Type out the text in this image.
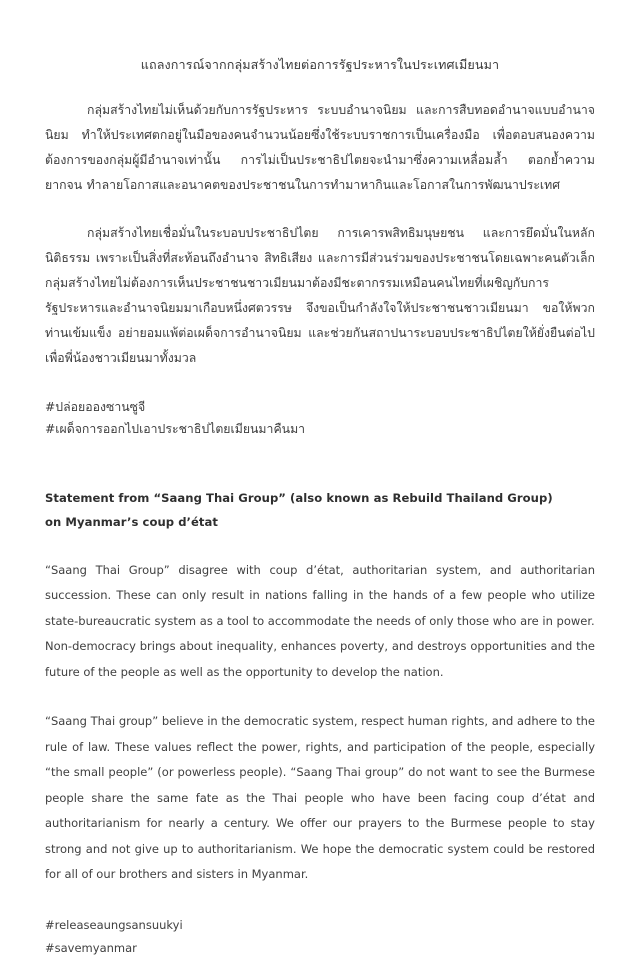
แถลงการณ์จากกลุ่มสร้างไทยต่อการรัฐประหารในประเทศเมียนมา

กลุ่มสร้างไทยไม่เห็นด้วยกับการรัฐประหาร ระบบอำนาจนิยม และการสืบทอดอำนาจแบบอำนาจนิยม ทำให้ประเทศตกอยู่ในมือของคนจำนวนน้อยซึ่งใช้ระบบราชการเป็นเครื่องมือ เพื่อตอบสนองความต้องการของกลุ่มผู้มีอำนาจเท่านั้น การไม่เป็นประชาธิปไตยจะนำมาซึ่งความเหลื่อมล้ำ ตอกย้ำความยากจน ทำลายโอกาสและอนาคตของประชาชนในการทำมาหากินและโอกาสในการพัฒนาประเทศ

กลุ่มสร้างไทยเชื่อมั่นในระบอบประชาธิปไตย การเคารพสิทธิมนุษยชน และการยึดมั่นในหลักนิติธรรม เพราะเป็นสิ่งที่สะท้อนถึงอำนาจ สิทธิเสียง และการมีส่วนร่วมของประชาชนโดยเฉพาะคนตัวเล็ก กลุ่มสร้างไทยไม่ต้องการเห็นประชาชนชาวเมียนมาต้องมีชะตากรรมเหมือนคนไทยที่เผชิญกับการรัฐประหารและอำนาจนิยมมาเกือบหนึ่งศตวรรษ จึงขอเป็นกำลังใจให้ประชาชนชาวเมียนมา ขอให้พวกท่านเข้มแข็ง อย่ายอมแพ้ต่อเผด็จการอำนาจนิยม และช่วยกันสถาปนาระบอบประชาธิปไตยให้ยั่งยืนต่อไปเพื่อพี่น้องชาวเมียนมาทั้งมวล

#ปล่อยอองซานซูจี
#เผด็จการออกไปเอาประชาธิปไตยเมียนมาคืนมา
Statement from “Saang Thai Group” (also known as Rebuild Thailand Group)
on Myanmar’s coup d’état

“Saang Thai Group” disagree with coup d’état, authoritarian system, and authoritarian succession. These can only result in nations falling in the hands of a few people who utilize state-bureaucratic system as a tool to accommodate the needs of only those who are in power.

Non-democracy brings about inequality, enhances poverty, and destroys opportunities and the future of the people as well as the opportunity to develop the nation.

“Saang Thai group” believe in the democratic system, respect human rights, and adhere to the rule of law. These values reflect the power, rights, and participation of the people, especially “the small people” (or powerless people). “Saang Thai group” do not want to see the Burmese people share the same fate as the Thai people who have been facing coup d’état and authoritarianism for nearly a century. We offer our prayers to the Burmese people to stay strong and not give up to authoritarianism. We hope the democratic system could be restored for all of our brothers and sisters in Myanmar.

#releaseaungsansuukyi
#savemyanmar
